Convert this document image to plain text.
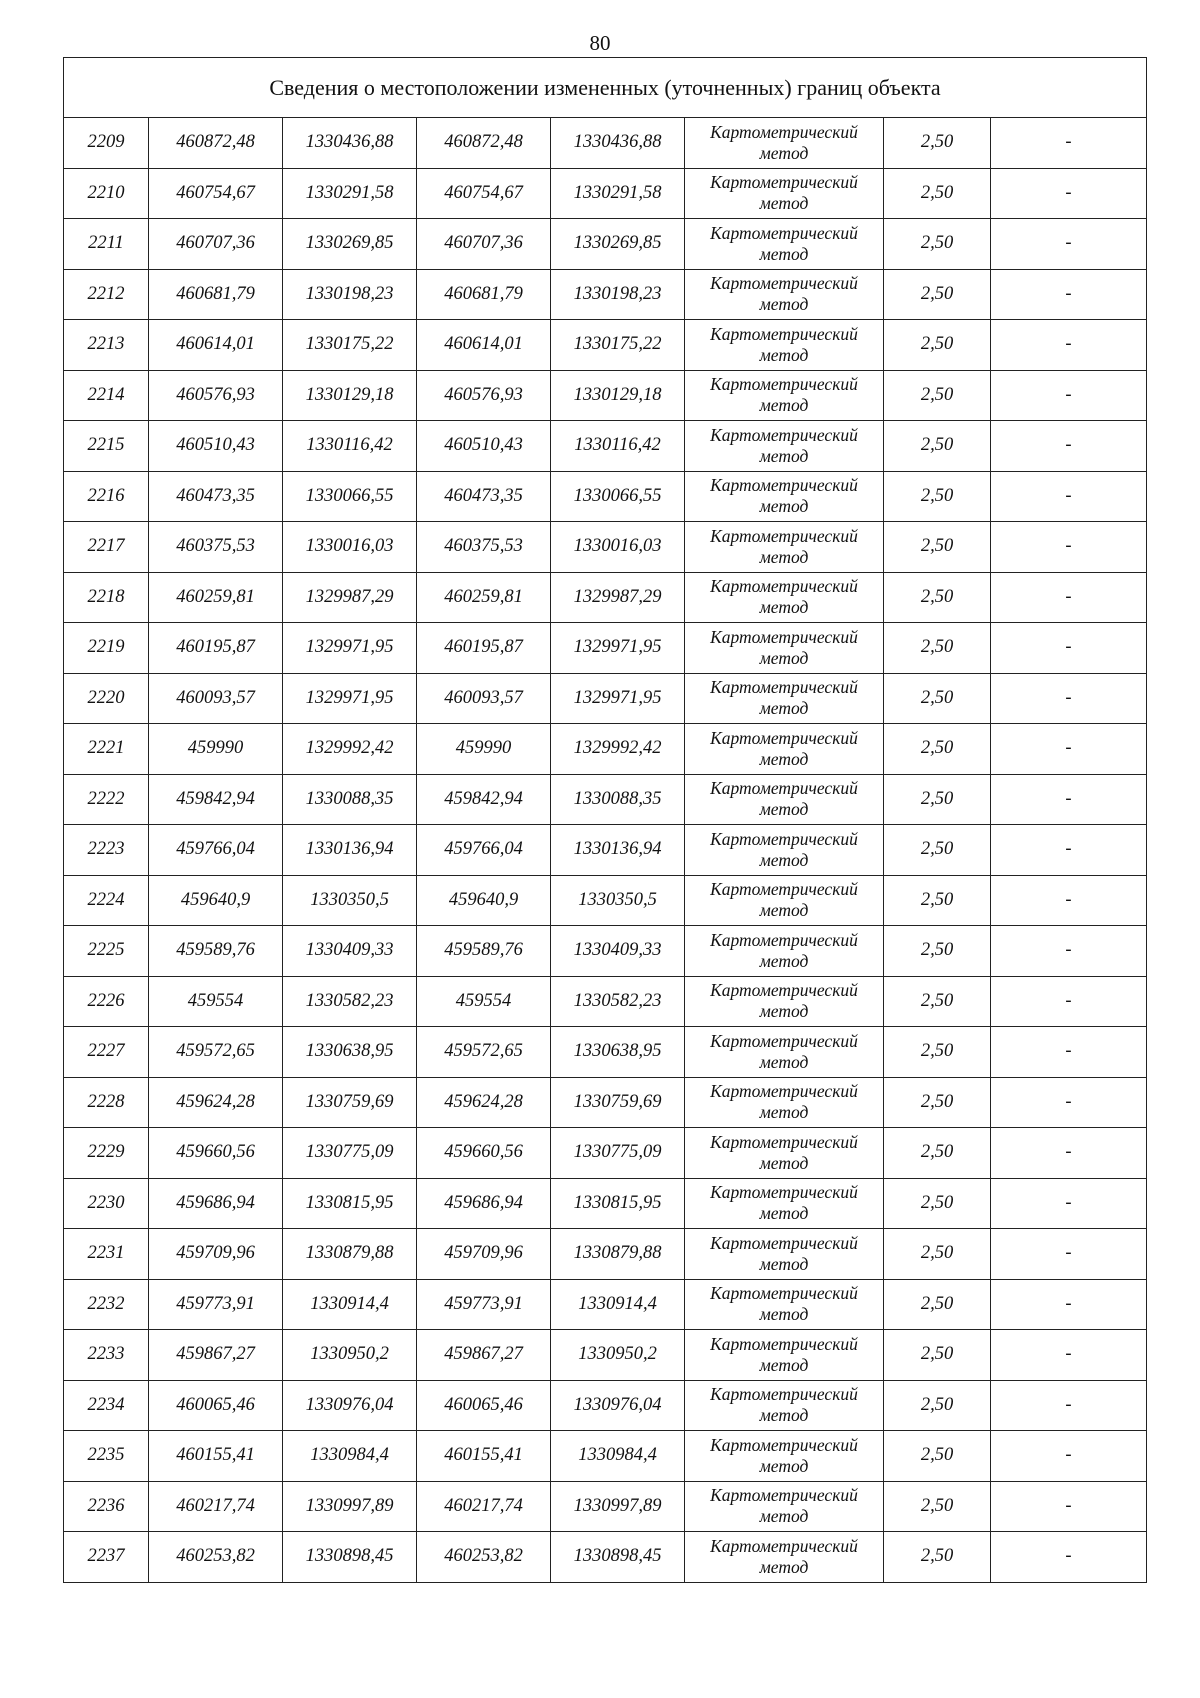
80
Сведения о местоположении измененных (уточненных) границ объекта							
2209	460872,48	1330436,88	460872,48	1330436,88	Картометрический
метод	2,50	-
2210	460754,67	1330291,58	460754,67	1330291,58	Картометрический
метод	2,50	-
2211	460707,36	1330269,85	460707,36	1330269,85	Картометрический
метод	2,50	-
2212	460681,79	1330198,23	460681,79	1330198,23	Картометрический
метод	2,50	-
2213	460614,01	1330175,22	460614,01	1330175,22	Картометрический
метод	2,50	-
2214	460576,93	1330129,18	460576,93	1330129,18	Картометрический
метод	2,50	-
2215	460510,43	1330116,42	460510,43	1330116,42	Картометрический
метод	2,50	-
2216	460473,35	1330066,55	460473,35	1330066,55	Картометрический
метод	2,50	-
2217	460375,53	1330016,03	460375,53	1330016,03	Картометрический
метод	2,50	-
2218	460259,81	1329987,29	460259,81	1329987,29	Картометрический
метод	2,50	-
2219	460195,87	1329971,95	460195,87	1329971,95	Картометрический
метод	2,50	-
2220	460093,57	1329971,95	460093,57	1329971,95	Картометрический
метод	2,50	-
2221	459990	1329992,42	459990	1329992,42	Картометрический
метод	2,50	-
2222	459842,94	1330088,35	459842,94	1330088,35	Картометрический
метод	2,50	-
2223	459766,04	1330136,94	459766,04	1330136,94	Картометрический
метод	2,50	-
2224	459640,9	1330350,5	459640,9	1330350,5	Картометрический
метод	2,50	-
2225	459589,76	1330409,33	459589,76	1330409,33	Картометрический
метод	2,50	-
2226	459554	1330582,23	459554	1330582,23	Картометрический
метод	2,50	-
2227	459572,65	1330638,95	459572,65	1330638,95	Картометрический
метод	2,50	-
2228	459624,28	1330759,69	459624,28	1330759,69	Картометрический
метод	2,50	-
2229	459660,56	1330775,09	459660,56	1330775,09	Картометрический
метод	2,50	-
2230	459686,94	1330815,95	459686,94	1330815,95	Картометрический
метод	2,50	-
2231	459709,96	1330879,88	459709,96	1330879,88	Картометрический
метод	2,50	-
2232	459773,91	1330914,4	459773,91	1330914,4	Картометрический
метод	2,50	-
2233	459867,27	1330950,2	459867,27	1330950,2	Картометрический
метод	2,50	-
2234	460065,46	1330976,04	460065,46	1330976,04	Картометрический
метод	2,50	-
2235	460155,41	1330984,4	460155,41	1330984,4	Картометрический
метод	2,50	-
2236	460217,74	1330997,89	460217,74	1330997,89	Картометрический
метод	2,50	-
2237	460253,82	1330898,45	460253,82	1330898,45	Картометрический
метод	2,50	-
